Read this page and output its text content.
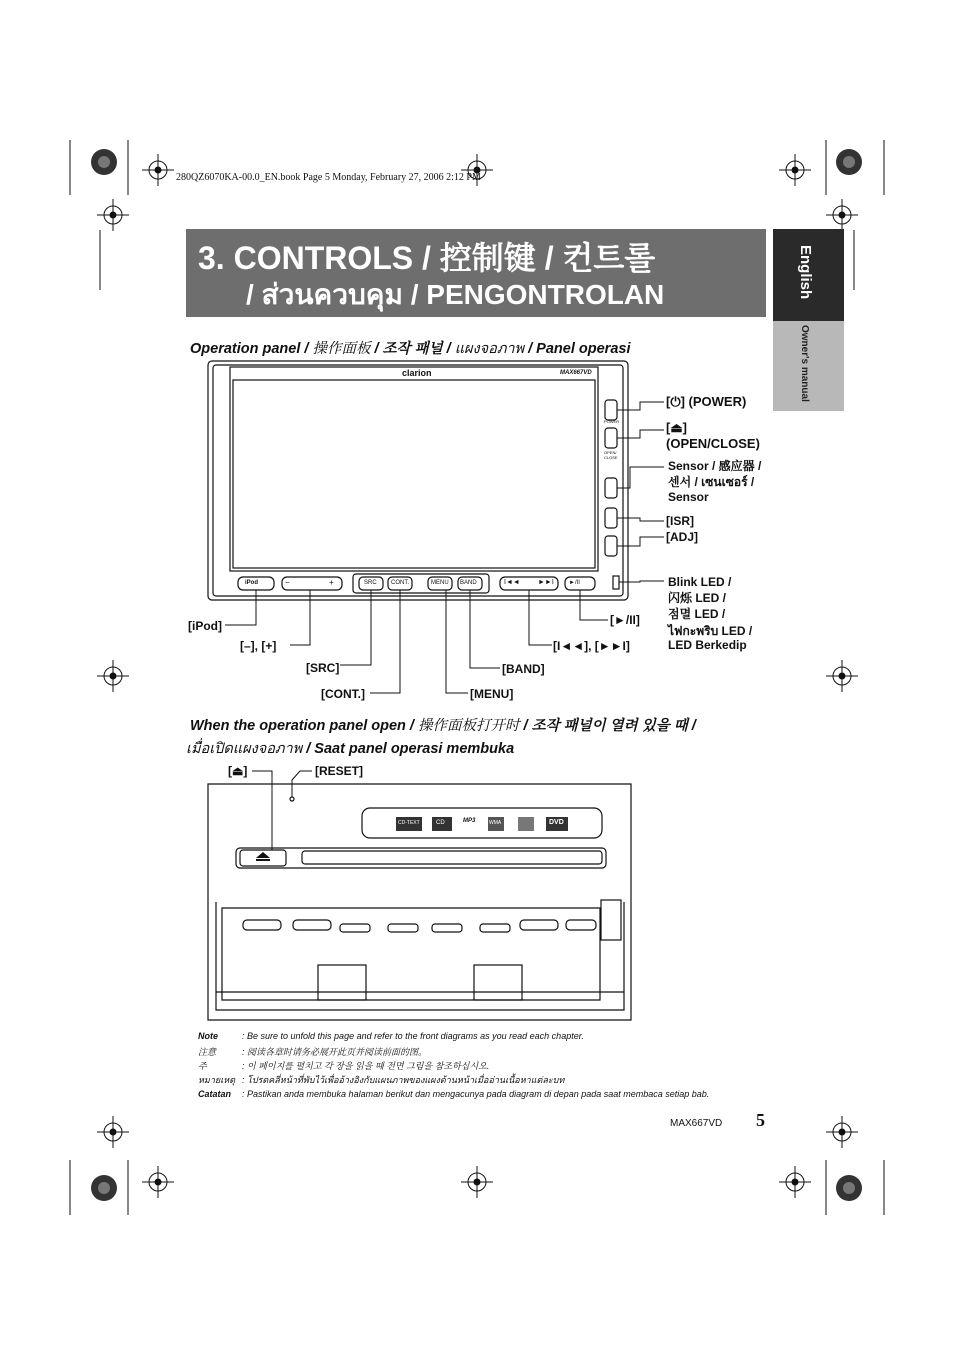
280QZ6070KA-00.0_EN.book Page 5 Monday, February 27, 2006 2:12 PM
3. CONTROLS / 控制键 / 컨트롤
/ ส่วนควบคุม / PENGONTROLAN	English
Owner's manual
Operation panel / 操作面板 / 조작 패널 / แผงจอภาพ / Panel operasi
clarion	MAX667VD
POWER
OPEN/
CLOSE
iPod	−	+	SRC CONT.	MENU BAND	I◄◄	►►I	►/II
[⏻] (POWER)
[⏏]
(OPEN/CLOSE)
Sensor / 感应器 /
센서 / เซนเซอร์ /
Sensor
[ISR]
[ADJ]
Blink LED /
闪烁 LED /
점멸 LED /
ไฟกะพริบ LED /
LED Berkedip
[►/II]
[iPod]
[–], [+]
[SRC]
[CONT.]	[MENU]
[BAND]
[I◄◄], [►►I]
When the operation panel open / 操作面板打开时 / 조작 패널이 열려 있을 때 /
เมื่อเปิดแผงจอภาพ / Saat panel operasi membuka
CD-TEXT	CD	MP3	WMA	DVD
[⏏]	[RESET]
Note	: Be sure to unfold this page and refer to the front diagrams as you read each chapter.
注意	: 阅读各章时请务必展开此页并阅读前面的图。
주	: 이 페이지를 펼치고 각 장을 읽을 때 전면 그림을 참조하십시오.
หมายเหตุ : โปรดคลี่หน้าที่พับไว้เพื่ออ้างอิงกับแผนภาพของแผงด้านหน้าเมื่ออ่านเนื้อหาแต่ละบท
Catatan : Pastikan anda membuka halaman berikut dan mengacunya pada diagram di depan pada saat membaca setiap bab.
MAX667VD 5
